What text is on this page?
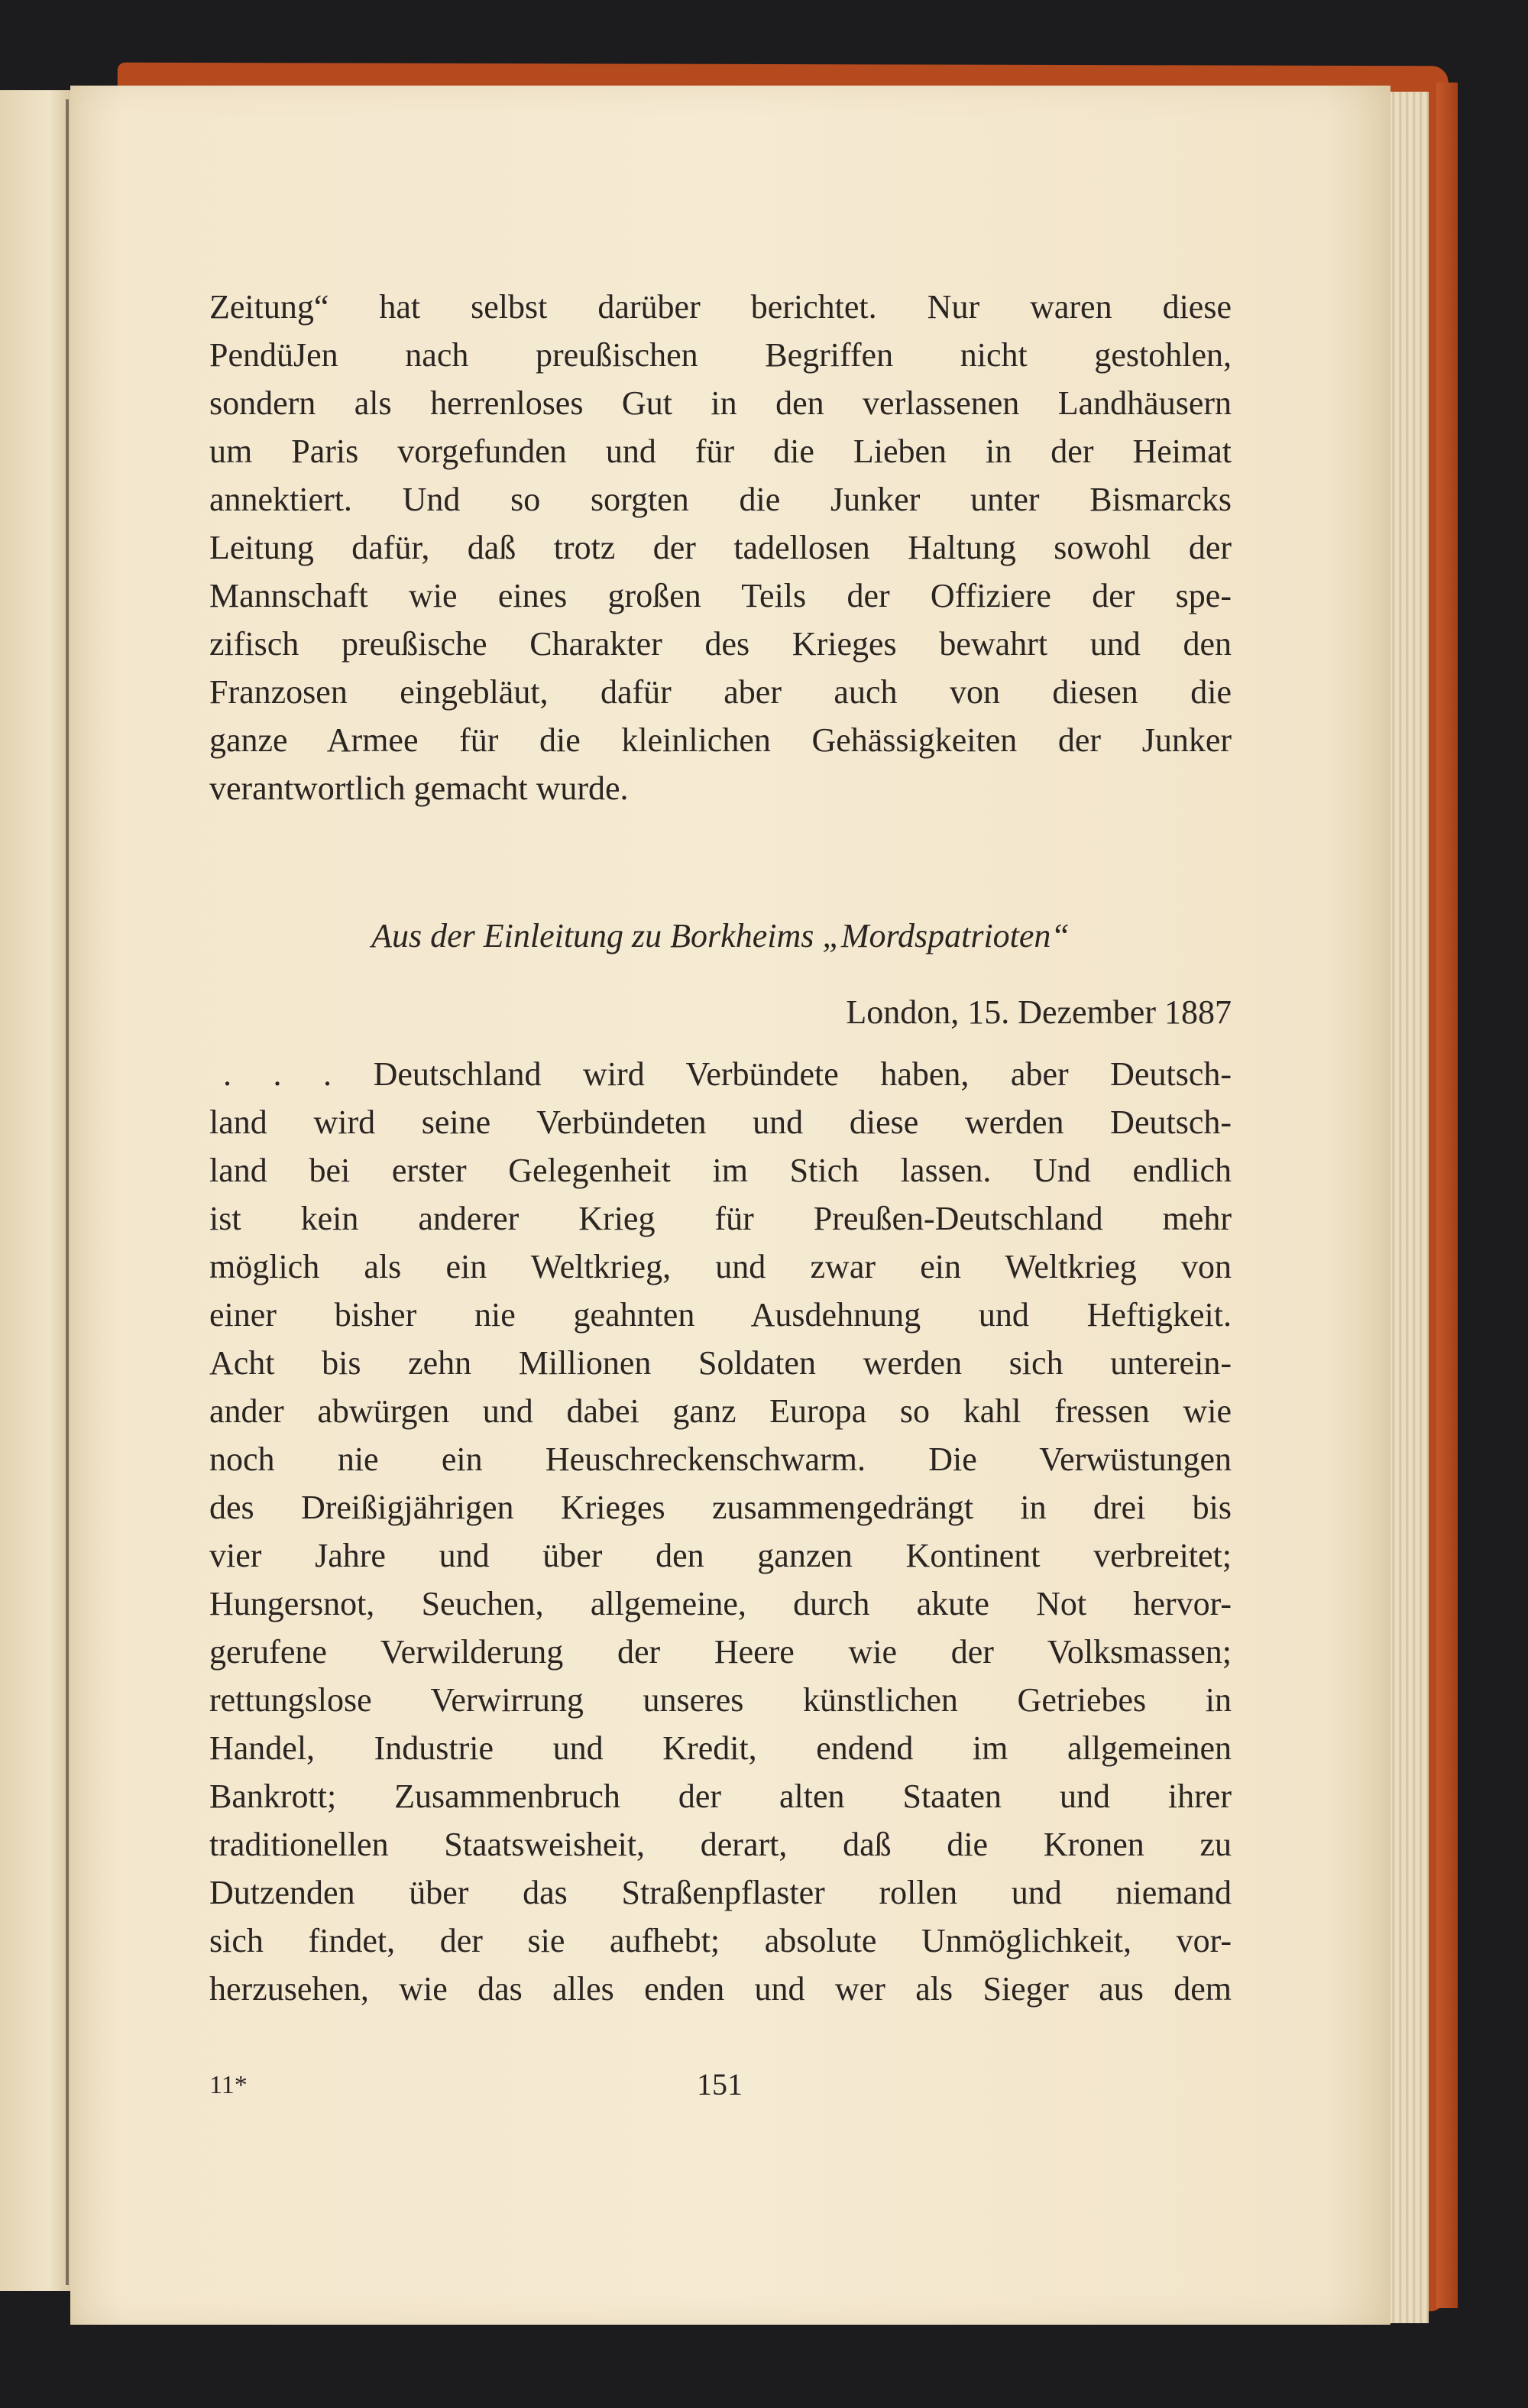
Zeitung“ hat selbst darüber berichtet. Nur waren diese
PendüJen nach preußischen Begriffen nicht gestohlen,
sondern als herrenloses Gut in den verlassenen Landhäusern
um Paris vorgefunden und für die Lieben in der Heimat
annektiert. Und so sorgten die Junker unter Bismarcks
Leitung dafür, daß trotz der tadellosen Haltung sowohl der
Mannschaft wie eines großen Teils der Offiziere der spe-
zifisch preußische Charakter des Krieges bewahrt und den
Franzosen eingebläut, dafür aber auch von diesen die
ganze Armee für die kleinlichen Gehässigkeiten der Junker
verantwortlich gemacht wurde.
Aus der Einleitung zu Borkheims „Mordspatrioten“
London, 15. Dezember 1887
. . . Deutschland wird Verbündete haben, aber Deutsch-
land wird seine Verbündeten und diese werden Deutsch-
land bei erster Gelegenheit im Stich lassen. Und endlich
ist kein anderer Krieg für Preußen-Deutschland mehr
möglich als ein Weltkrieg, und zwar ein Weltkrieg von
einer bisher nie geahnten Ausdehnung und Heftigkeit.
Acht bis zehn Millionen Soldaten werden sich unterein-
ander abwürgen und dabei ganz Europa so kahl fressen wie
noch nie ein Heuschreckenschwarm. Die Verwüstungen
des Dreißigjährigen Krieges zusammengedrängt in drei bis
vier Jahre und über den ganzen Kontinent verbreitet;
Hungersnot, Seuchen, allgemeine, durch akute Not hervor-
gerufene Verwilderung der Heere wie der Volksmassen;
rettungslose Verwirrung unseres künstlichen Getriebes in
Handel, Industrie und Kredit, endend im allgemeinen
Bankrott; Zusammenbruch der alten Staaten und ihrer
traditionellen Staatsweisheit, derart, daß die Kronen zu
Dutzenden über das Straßenpflaster rollen und niemand
sich findet, der sie aufhebt; absolute Unmöglichkeit, vor-
herzusehen, wie das alles enden und wer als Sieger aus dem
11*	151
